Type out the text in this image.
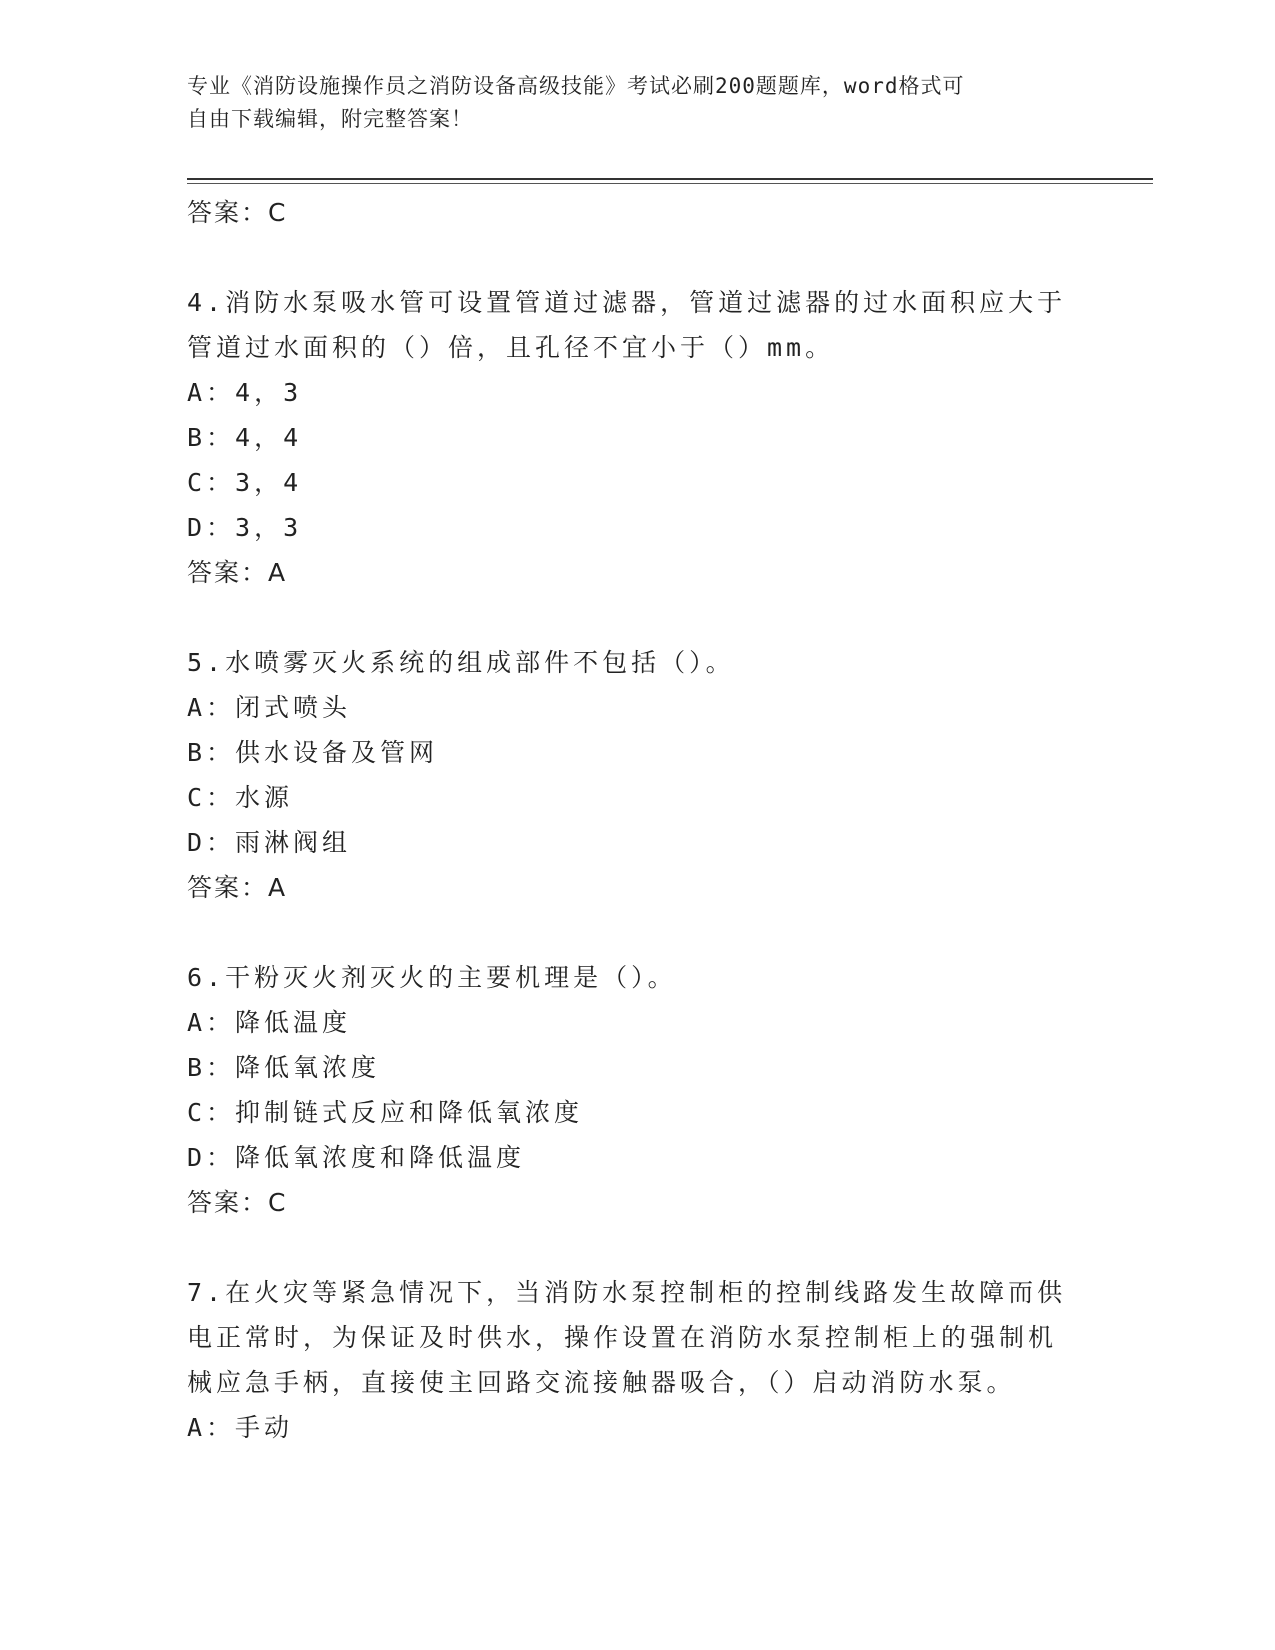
专业《消防设施操作员之消防设备高级技能》考试必刷200题题库，word格式可
自由下载编辑，附完整答案！
答案：C
4.消防水泵吸水管可设置管道过滤器，管道过滤器的过水面积应大于
管道过水面积的（）倍，且孔径不宜小于（）mm。
A：4，3
B：4，4
C：3，4
D：3，3
答案：A
5.水喷雾灭火系统的组成部件不包括（）。
A：闭式喷头
B：供水设备及管网
C：水源
D：雨淋阀组
答案：A
6.干粉灭火剂灭火的主要机理是（）。
A：降低温度
B：降低氧浓度
C：抑制链式反应和降低氧浓度
D：降低氧浓度和降低温度
答案：C
7.在火灾等紧急情况下，当消防水泵控制柜的控制线路发生故障而供
电正常时，为保证及时供水，操作设置在消防水泵控制柜上的强制机
械应急手柄，直接使主回路交流接触器吸合，（）启动消防水泵。
A：手动
